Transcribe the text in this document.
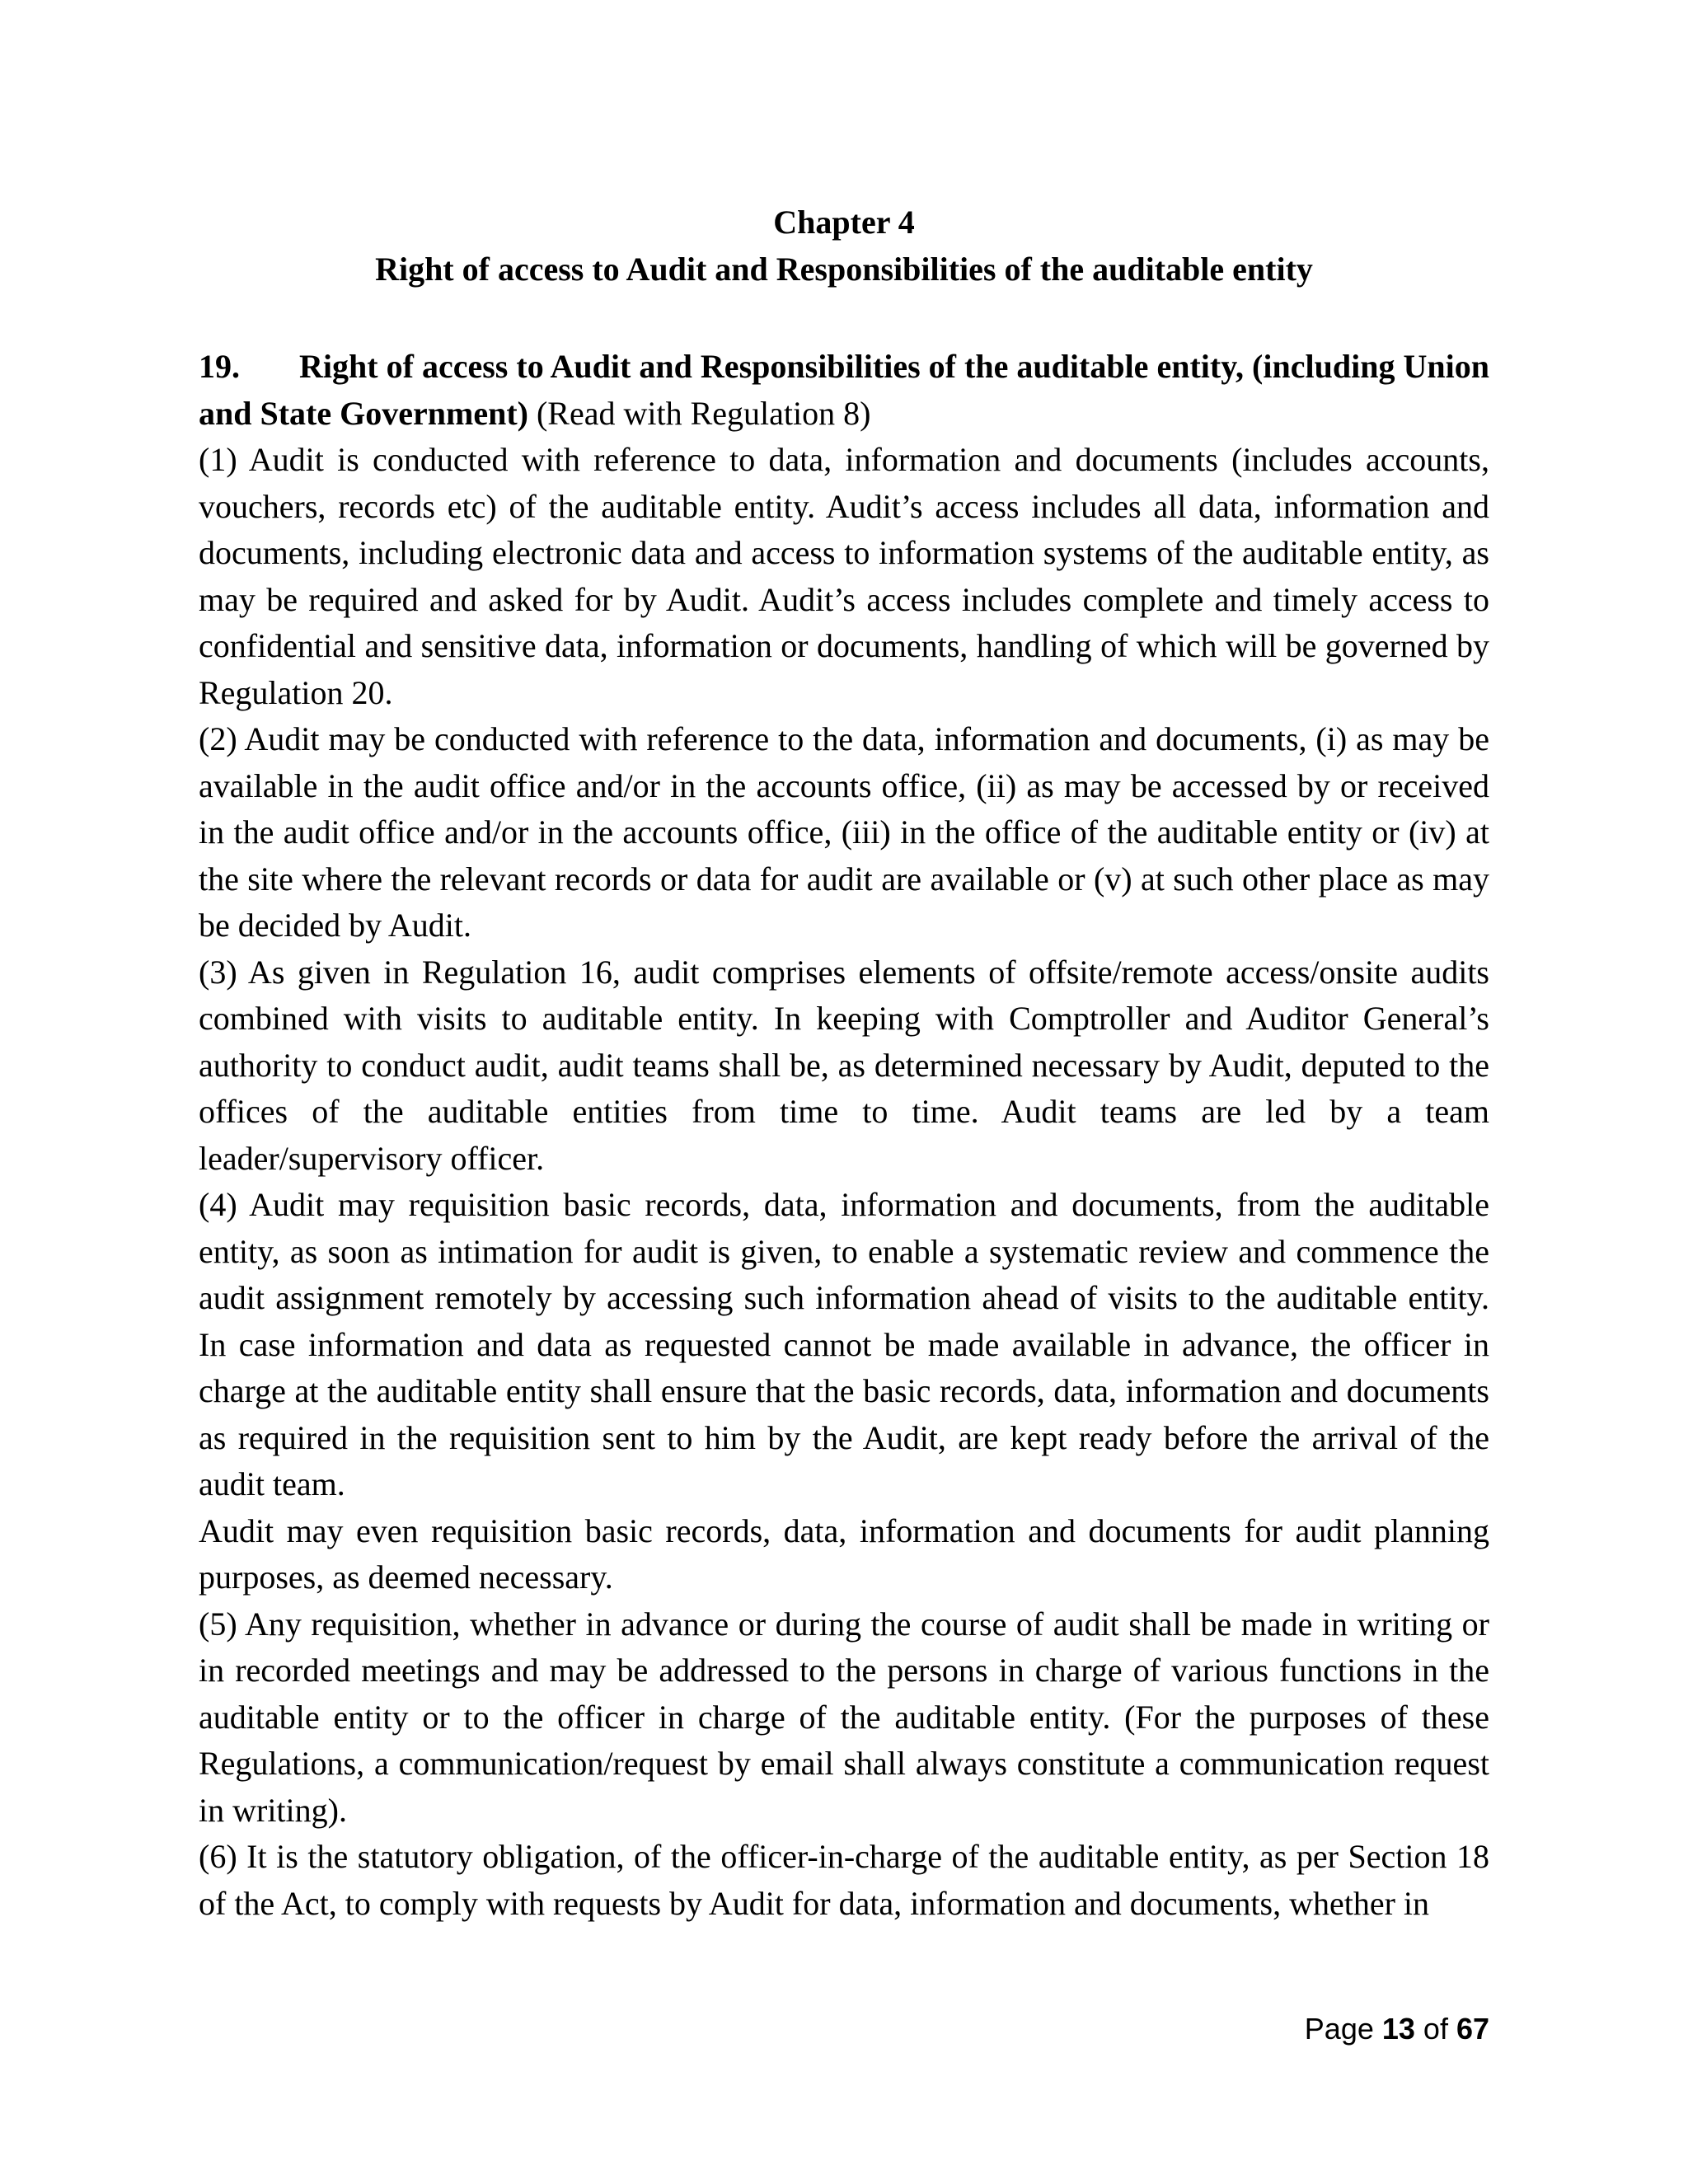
Chapter 4

Right of access to Audit and Responsibilities of the auditable entity

19. Right of access to Audit and Responsibilities of the auditable entity, (including Union and State Government) (Read with Regulation 8)

(1) Audit is conducted with reference to data, information and documents (includes accounts, vouchers, records etc) of the auditable entity. Audit’s access includes all data, information and documents, including electronic data and access to information systems of the auditable entity, as may be required and asked for by Audit. Audit’s access includes complete and timely access to confidential and sensitive data, information or documents, handling of which will be governed by Regulation 20.

(2) Audit may be conducted with reference to the data, information and documents, (i) as may be available in the audit office and/or in the accounts office, (ii) as may be accessed by or received in the audit office and/or in the accounts office, (iii) in the office of the auditable entity or (iv) at the site where the relevant records or data for audit are available or (v) at such other place as may be decided by Audit.

(3) As given in Regulation 16, audit comprises elements of offsite/remote access/onsite audits combined with visits to auditable entity. In keeping with Comptroller and Auditor General’s authority to conduct audit, audit teams shall be, as determined necessary by Audit, deputed to the offices of the auditable entities from time to time. Audit teams are led by a team leader/supervisory officer.

(4) Audit may requisition basic records, data, information and documents, from the auditable entity, as soon as intimation for audit is given, to enable a systematic review and commence the audit assignment remotely by accessing such information ahead of visits to the auditable entity. In case information and data as requested cannot be made available in advance, the officer in charge at the auditable entity shall ensure that the basic records, data, information and documents as required in the requisition sent to him by the Audit, are kept ready before the arrival of the audit team.

Audit may even requisition basic records, data, information and documents for audit planning purposes, as deemed necessary.

(5) Any requisition, whether in advance or during the course of audit shall be made in writing or in recorded meetings and may be addressed to the persons in charge of various functions in the auditable entity or to the officer in charge of the auditable entity. (For the purposes of these Regulations, a communication/request by email shall always constitute a communication request in writing).

(6) It is the statutory obligation, of the officer-in-charge of the auditable entity, as per Section 18 of the Act, to comply with requests by Audit for data, information and documents, whether in

Page 13 of 67
